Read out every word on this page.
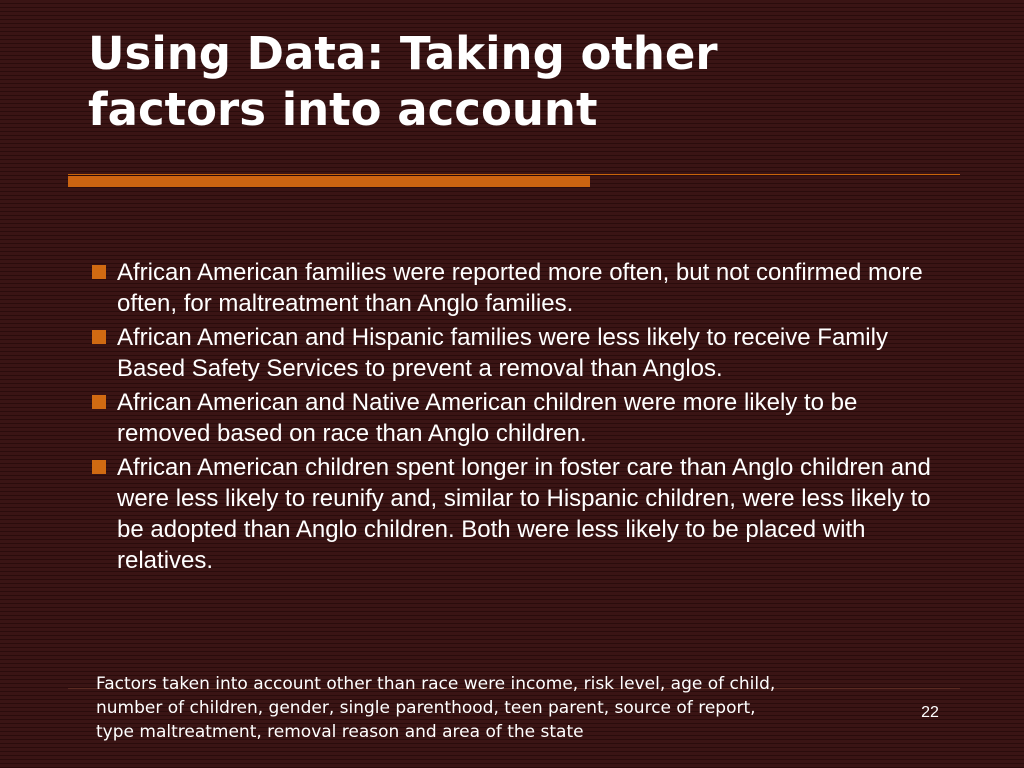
Using Data: Taking other
factors into account
African American families were reported more often, but not confirmed more often, for maltreatment than Anglo families.
African American and Hispanic families were less likely to receive Family Based Safety Services to prevent a removal than Anglos.
African American and Native American children were more likely to be removed based on race than Anglo children.
African American children spent longer in foster care than Anglo children and were less likely to reunify and, similar to Hispanic children, were less likely to be adopted than Anglo children. Both were less likely to be placed with relatives.
Factors taken into account other than race were income, risk level, age of child,
number of children, gender, single parenthood, teen parent, source of report,
type maltreatment, removal reason and area of the state
22
